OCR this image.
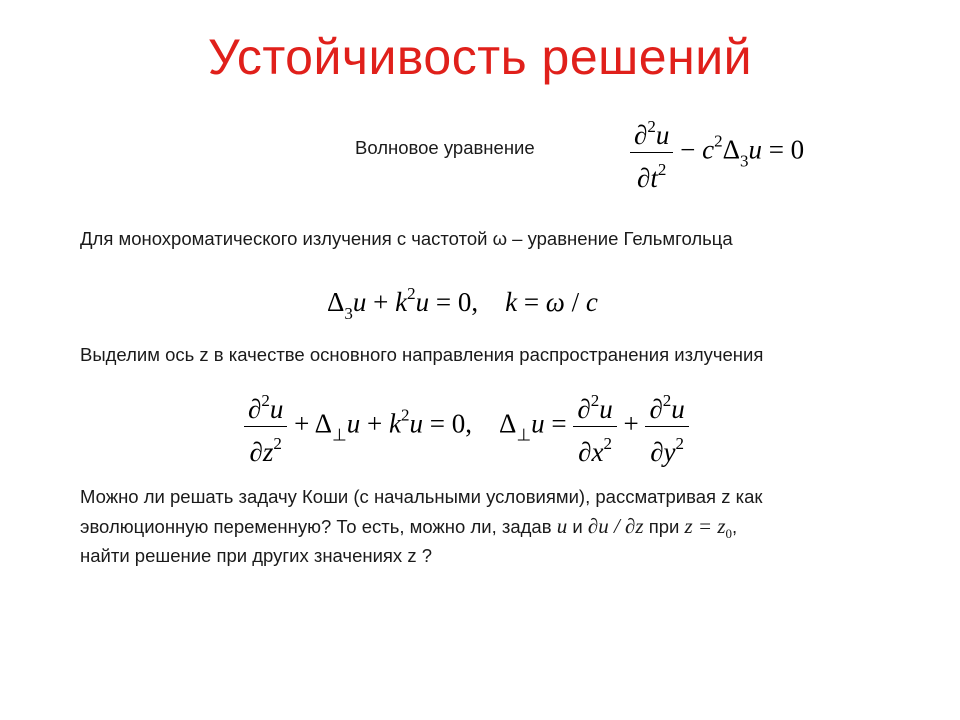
Устойчивость решений
Волновое уравнение	$\frac{\partial^2u}{\partial t^2} - c^2\Delta_3u = 0$
Для монохроматического излучения с частотой ω – уравнение Гельмгольца
$\Delta_3u + k^2u = 0$,    k = ω / c
Выделим ось z в качестве основного направления распространения излучения
$\frac{\partial^2u}{\partial z^2} + \Delta_\perp u + k^2u = 0$,    $\Delta_\perp u = \frac{\partial^2u}{\partial x^2} + \frac{\partial^2u}{\partial y^2}$
Можно ли решать задачу Коши (с начальными условиями), рассматривая z как
эволюционную переменную? То есть, можно ли, задав u и ∂u / ∂z при $z = z_0$,
найти решение при других значениях z ?
